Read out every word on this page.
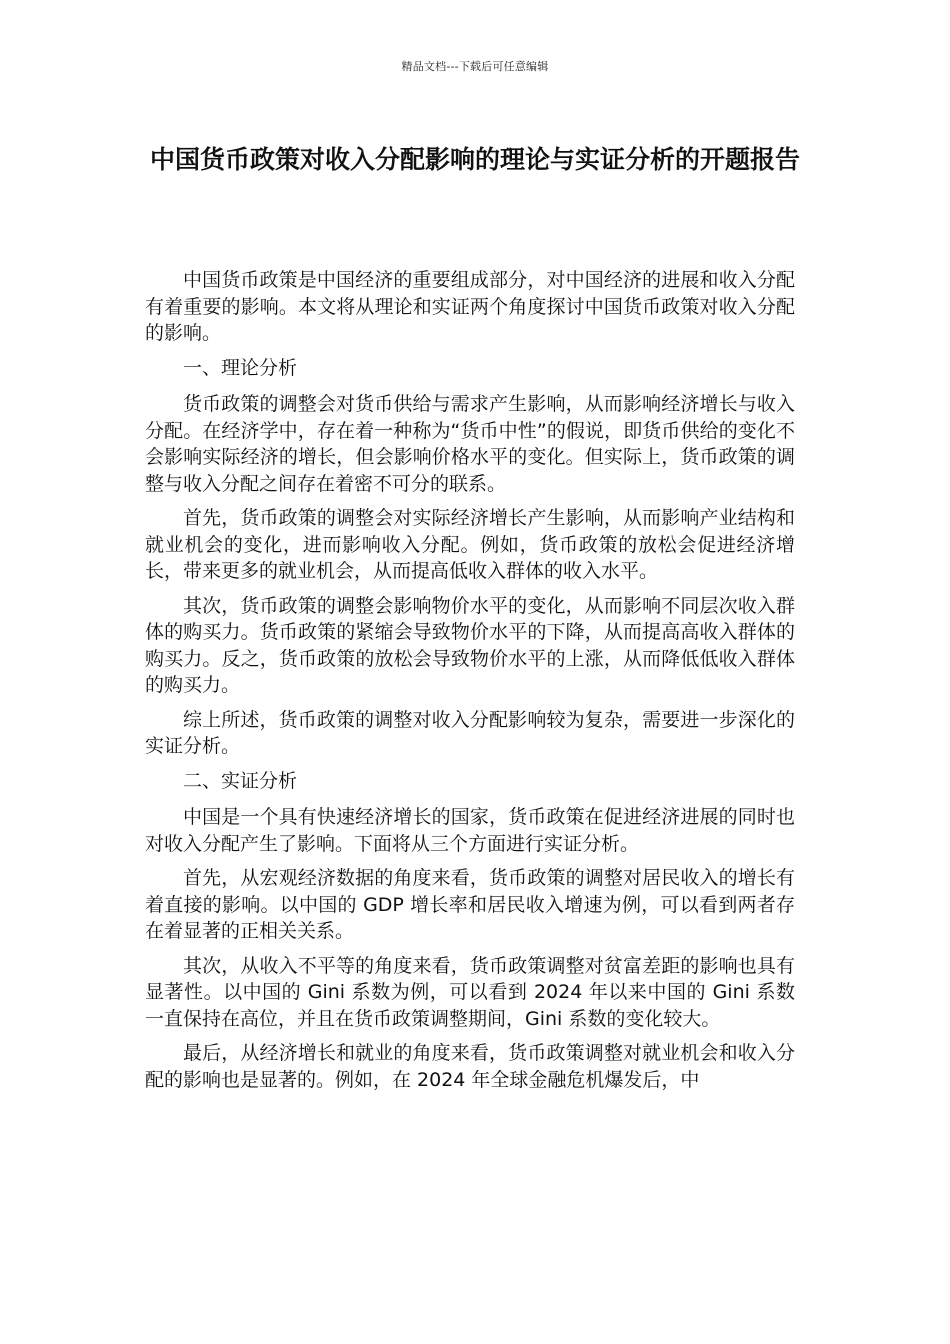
精品文档---下载后可任意编辑
中国货币政策对收入分配影响的理论与实证分析的开题报告

中国货币政策是中国经济的重要组成部分，对中国经济的进展和收入分配有着重要的影响。本文将从理论和实证两个角度探讨中国货币政策对收入分配的影响。

一、理论分析

货币政策的调整会对货币供给与需求产生影响，从而影响经济增长与收入分配。在经济学中，存在着一种称为“货币中性”的假说，即货币供给的变化不会影响实际经济的增长，但会影响价格水平的变化。但实际上，货币政策的调整与收入分配之间存在着密不可分的联系。

首先，货币政策的调整会对实际经济增长产生影响，从而影响产业结构和就业机会的变化，进而影响收入分配。例如，货币政策的放松会促进经济增长，带来更多的就业机会，从而提高低收入群体的收入水平。

其次，货币政策的调整会影响物价水平的变化，从而影响不同层次收入群体的购买力。货币政策的紧缩会导致物价水平的下降，从而提高高收入群体的购买力。反之，货币政策的放松会导致物价水平的上涨，从而降低低收入群体的购买力。

综上所述，货币政策的调整对收入分配影响较为复杂，需要进一步深化的实证分析。

二、实证分析

中国是一个具有快速经济增长的国家，货币政策在促进经济进展的同时也对收入分配产生了影响。下面将从三个方面进行实证分析。

首先，从宏观经济数据的角度来看，货币政策的调整对居民收入的增长有着直接的影响。以中国的 GDP 增长率和居民收入增速为例，可以看到两者存在着显著的正相关关系。

其次，从收入不平等的角度来看，货币政策调整对贫富差距的影响也具有显著性。以中国的 Gini 系数为例，可以看到 2024 年以来中国的 Gini 系数一直保持在高位，并且在货币政策调整期间，Gini 系数的变化较大。

最后，从经济增长和就业的角度来看，货币政策调整对就业机会和收入分配的影响也是显著的。例如，在 2024 年全球金融危机爆发后，中
